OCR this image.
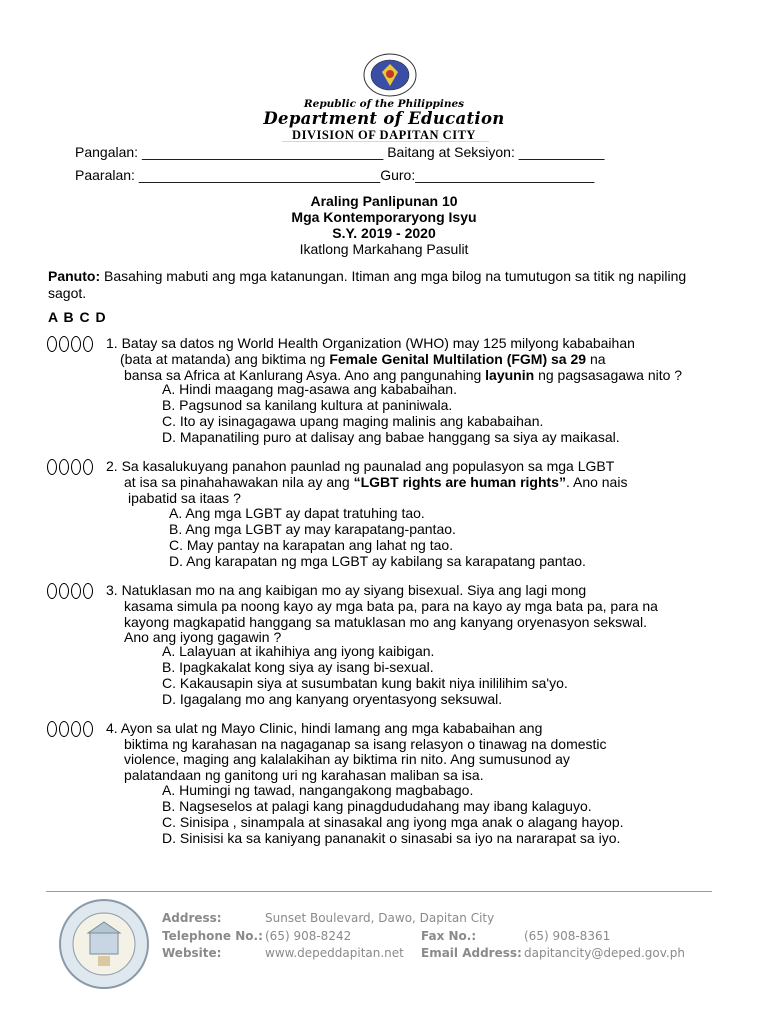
Republic of the Philippines
Department of Education
DIVISION OF DAPITAN CITY
Pangalan: _______________________________ Baitang at Seksiyon: ___________
Paaralan: _______________________________Guro:_______________________
Araling Panlipunan 10
Mga Kontemporaryong Isyu
S.Y. 2019 - 2020
Ikatlong Markahang Pasulit
Panuto: Basahing mabuti ang mga katanungan. Itiman ang mga bilog na tumutugon sa titik ng napiling
sagot.
A B C D
1. Batay sa datos ng World Health Organization (WHO) may 125 milyong kababaihan
(bata at matanda) ang biktima ng Female Genital Multilation (FGM) sa 29 na
bansa sa Africa at Kanlurang Asya. Ano ang pangunahing layunin ng pagsasagawa nito ?
A. Hindi maagang mag-asawa ang kababaihan.
B. Pagsunod sa kanilang kultura at paniniwala.
C. Ito ay isinagagawa upang maging malinis ang kababaihan.
D. Mapanatiling puro at dalisay ang babae hanggang sa siya ay maikasal.
2. Sa kasalukuyang panahon paunlad ng paunalad ang populasyon sa mga LGBT
at isa sa pinahahawakan nila ay ang “LGBT rights are human rights”. Ano nais
ipabatid sa itaas ?
A. Ang mga LGBT ay dapat tratuhing tao.
B. Ang mga LGBT ay may karapatang-pantao.
C. May pantay na karapatan ang lahat ng tao.
D. Ang karapatan ng mga LGBT ay kabilang sa karapatang pantao.
3. Natuklasan mo na ang kaibigan mo ay siyang bisexual. Siya ang lagi mong
kasama simula pa noong kayo ay mga bata pa, para na kayo ay mga bata pa, para na
kayong magkapatid hanggang sa matuklasan mo ang kanyang oryenasyon sekswal.
Ano ang iyong gagawin ?
A. Lalayuan at ikahihiya ang iyong kaibigan.
B. Ipagkakalat kong siya ay isang bi-sexual.
C. Kakausapin siya at susumbatan kung bakit niya inililihim sa'yo.
D. Igagalang mo ang kanyang oryentasyong seksuwal.
4. Ayon sa ulat ng Mayo Clinic, hindi lamang ang mga kababaihan ang
biktima ng karahasan na nagaganap sa isang relasyon o tinawag na domestic
violence, maging ang kalalakihan ay biktima rin nito. Ang sumusunod ay
palatandaan ng ganitong uri ng karahasan maliban sa isa.
A. Humingi ng tawad, nangangakong magbabago.
B. Nagseselos at palagi kang pinagdududahang may ibang kalaguyo.
C. Sinisipa , sinampala at sinasakal ang iyong mga anak o alagang hayop.
D. Sinisisi ka sa kaniyang pananakit o sinasabi sa iyo na nararapat sa iyo.
Address:	Sunset Boulevard, Dawo, Dapitan City
Telephone No.: (65) 908-8242	Fax No.:	(65) 908-8361
Website:	www.depeddapitan.net Email Address: dapitancity@deped.gov.ph
